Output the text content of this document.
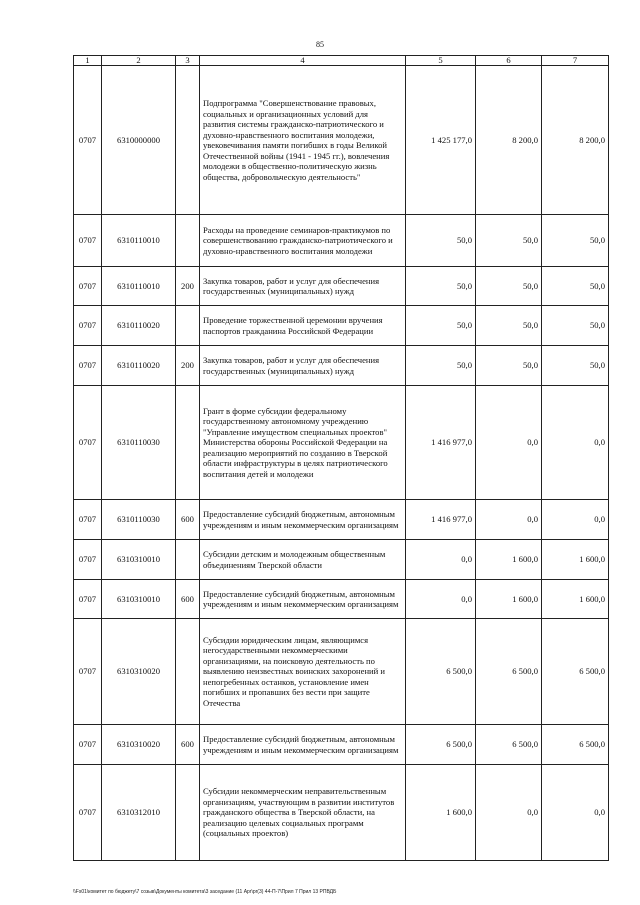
85
1	2	3	4	5	6	7
0707	6310000000		Подпрограмма "Совершенствование правовых, социальных и организационных условий для развития системы гражданско-патриотического и духовно-нравственного воспитания молодежи, увековечивания памяти погибших в годы Великой Отечественной войны (1941 - 1945 гг.), вовлечения молодежи в общественно-политическую жизнь общества, добровольческую деятельность"	1 425 177,0	8 200,0	8 200,0
0707	6310110010		Расходы на проведение семинаров-практикумов по совершенствованию гражданско-патриотического и духовно-нравственного воспитания молодежи	50,0	50,0	50,0
0707	6310110010	200	Закупка товаров, работ и услуг для обеспечения государственных (муниципальных) нужд	50,0	50,0	50,0
0707	6310110020		Проведение торжественной церемонии вручения паспортов гражданина Российской Федерации	50,0	50,0	50,0
0707	6310110020	200	Закупка товаров, работ и услуг для обеспечения государственных (муниципальных) нужд	50,0	50,0	50,0
0707	6310110030		Грант в форме субсидии федеральному государственному автономному учреждению "Управление имуществом специальных проектов" Министерства обороны Российской Федерации на реализацию мероприятий по созданию в Тверской области инфраструктуры в целях патриотического воспитания детей и молодежи	1 416 977,0	0,0	0,0
0707	6310110030	600	Предоставление субсидий бюджетным, автономным учреждениям и иным некоммерческим организациям	1 416 977,0	0,0	0,0
0707	6310310010		Субсидии детским и молодежным общественным объединениям Тверской области	0,0	1 600,0	1 600,0
0707	6310310010	600	Предоставление субсидий бюджетным, автономным учреждениям и иным некоммерческим организациям	0,0	1 600,0	1 600,0
0707	6310310020		Субсидии юридическим лицам, являющимся негосударственными некоммерческими организациями, на поисковую деятельность по выявлению неизвестных воинских захоронений и непогребенных останков, установление имен погибших и пропавших без вести при защите Отечества	6 500,0	6 500,0	6 500,0
0707	6310310020	600	Предоставление субсидий бюджетным, автономным учреждениям и иным некоммерческим организациям	6 500,0	6 500,0	6 500,0
0707	6310312010		Субсидии некоммерческим неправительственным организациям, участвующим в развитии институтов гражданского общества в Тверской области, на реализацию целевых социальных программ (социальных проектов)	1 600,0	0,0	0,0
\\Fs01\комитет по бюджету\7 созыв\Документы комитета\3 заседание (11 Apr\pr(3) 44-П-7\Прил 7 Прил 13 РПВДБ
